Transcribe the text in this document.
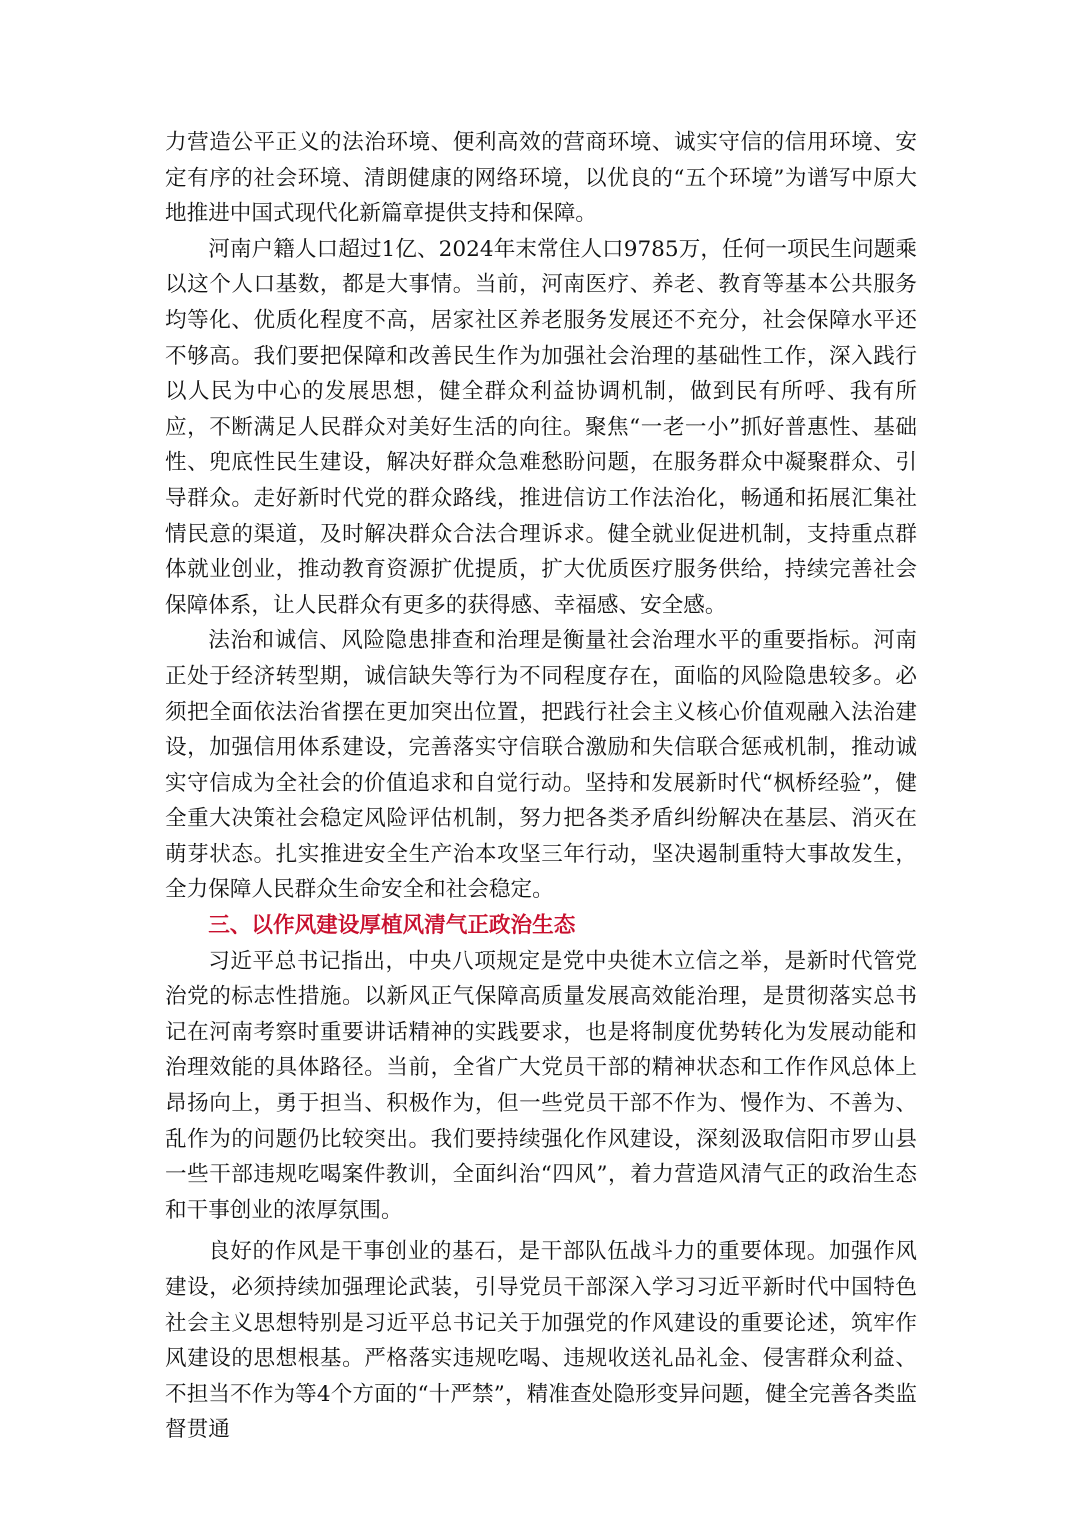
力营造公平正义的法治环境、便利高效的营商环境、诚实守信的信用环境、安定有序的社会环境、清朗健康的网络环境，以优良的“五个环境”为谱写中原大地推进中国式现代化新篇章提供支持和保障。

河南户籍人口超过1亿、2024年末常住人口9785万，任何一项民生问题乘以这个人口基数，都是大事情。当前，河南医疗、养老、教育等基本公共服务均等化、优质化程度不高，居家社区养老服务发展还不充分，社会保障水平还不够高。我们要把保障和改善民生作为加强社会治理的基础性工作，深入践行以人民为中心的发展思想，健全群众利益协调机制，做到民有所呼、我有所应，不断满足人民群众对美好生活的向往。聚焦“一老一小”抓好普惠性、基础性、兜底性民生建设，解决好群众急难愁盼问题，在服务群众中凝聚群众、引导群众。走好新时代党的群众路线，推进信访工作法治化，畅通和拓展汇集社情民意的渠道，及时解决群众合法合理诉求。健全就业促进机制，支持重点群体就业创业，推动教育资源扩优提质，扩大优质医疗服务供给，持续完善社会保障体系，让人民群众有更多的获得感、幸福感、安全感。

法治和诚信、风险隐患排查和治理是衡量社会治理水平的重要指标。河南正处于经济转型期，诚信缺失等行为不同程度存在，面临的风险隐患较多。必须把全面依法治省摆在更加突出位置，把践行社会主义核心价值观融入法治建设，加强信用体系建设，完善落实守信联合激励和失信联合惩戒机制，推动诚实守信成为全社会的价值追求和自觉行动。坚持和发展新时代“枫桥经验”，健全重大决策社会稳定风险评估机制，努力把各类矛盾纠纷解决在基层、消灭在萌芽状态。扎实推进安全生产治本攻坚三年行动，坚决遏制重特大事故发生，全力保障人民群众生命安全和社会稳定。

三、以作风建设厚植风清气正政治生态

习近平总书记指出，中央八项规定是党中央徙木立信之举，是新时代管党治党的标志性措施。以新风正气保障高质量发展高效能治理，是贯彻落实总书记在河南考察时重要讲话精神的实践要求，也是将制度优势转化为发展动能和治理效能的具体路径。当前，全省广大党员干部的精神状态和工作作风总体上昂扬向上，勇于担当、积极作为，但一些党员干部不作为、慢作为、不善为、乱作为的问题仍比较突出。我们要持续强化作风建设，深刻汲取信阳市罗山县一些干部违规吃喝案件教训，全面纠治“四风”，着力营造风清气正的政治生态和干事创业的浓厚氛围。

良好的作风是干事创业的基石，是干部队伍战斗力的重要体现。加强作风建设，必须持续加强理论武装，引导党员干部深入学习习近平新时代中国特色社会主义思想特别是习近平总书记关于加强党的作风建设的重要论述，筑牢作风建设的思想根基。严格落实违规吃喝、违规收送礼品礼金、侵害群众利益、不担当不作为等4个方面的“十严禁”，精准查处隐形变异问题，健全完善各类监督贯通
